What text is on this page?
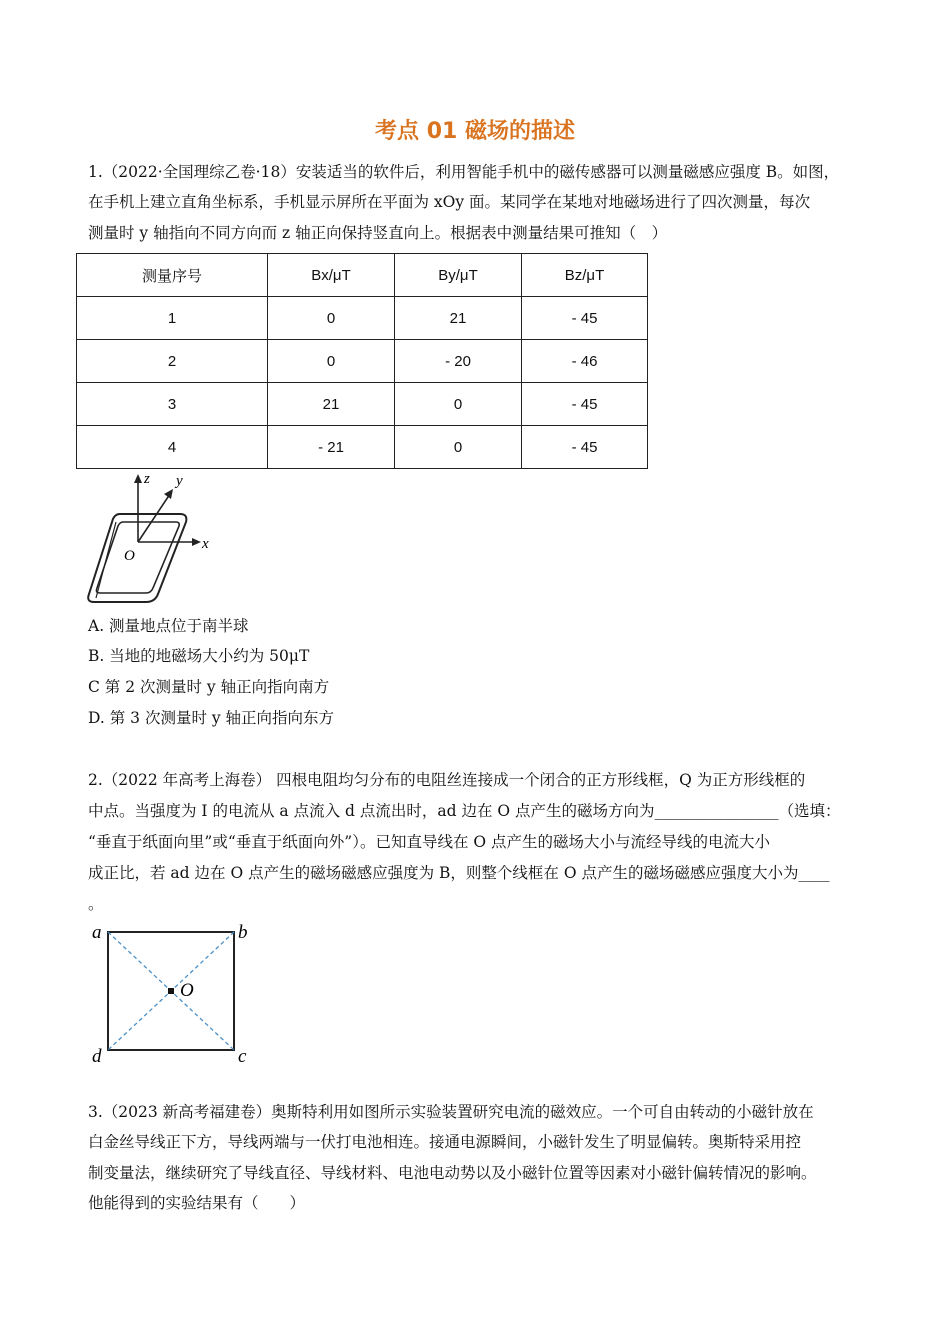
考点 01 磁场的描述
1.（2022·全国理综乙卷·18）安装适当的软件后，利用智能手机中的磁传感器可以测量磁感应强度 B。如图，
在手机上建立直角坐标系，手机显示屏所在平面为 xOy 面。某同学在某地对地磁场进行了四次测量，每次
测量时 y 轴指向不同方向而 z 轴正向保持竖直向上。根据表中测量结果可推知（　）
测量序号	Bx/μT	By/μT	Bz/μT
1	0	21	- 45
2	0	- 20	- 46
3	21	0	- 45
4	- 21	0	- 45
z y
x
O
A. 测量地点位于南半球
B. 当地的地磁场大小约为 50μT
C 第 2 次测量时 y 轴正向指向南方
D. 第 3 次测量时 y 轴正向指向东方
2.（2022 年高考上海卷） 四根电阻均匀分布的电阻丝连接成一个闭合的正方形线框，Q 为正方形线框的
中点。当强度为 I 的电流从 a 点流入 d 点流出时，ad 边在 O 点产生的磁场方向为________________（选填：
“垂直于纸面向里”或“垂直于纸面向外”）。已知直导线在 O 点产生的磁场大小与流经导线的电流大小
成正比，若 ad 边在 O 点产生的磁场磁感应强度为 B，则整个线框在 O 点产生的磁场磁感应强度大小为____
。
a	b
c
d
O
3.（2023 新高考福建卷）奥斯特利用如图所示实验装置研究电流的磁效应。一个可自由转动的小磁针放在
白金丝导线正下方，导线两端与一伏打电池相连。接通电源瞬间，小磁针发生了明显偏转。奥斯特采用控
制变量法，继续研究了导线直径、导线材料、电池电动势以及小磁针位置等因素对小磁针偏转情况的影响。
他能得到的实验结果有（　　）
